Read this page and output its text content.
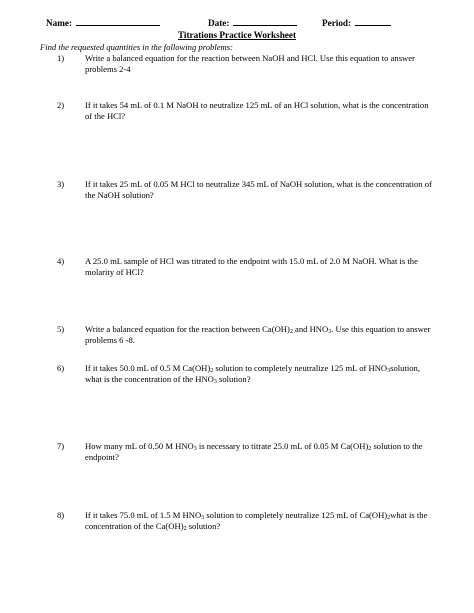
Name:	Date:	Period:
Titrations Practice Worksheet
Find the requested quantities in the following problems:
1) Write a balanced equation for the reaction between NaOH and HCl. Use this equation to answer problems 2-4
2) If it takes 54 mL of 0.1 M NaOH to neutralize 125 mL of an HCl solution, what is the concentration of the HCl?
3) If it takes 25 mL of 0.05 M HCl to neutralize 345 mL of NaOH solution, what is the concentration of the NaOH solution?
4) A 25.0 mL sample of HCl was titrated to the endpoint with 15.0 mL of 2.0 M NaOH. What is the molarity of HCl?
5) Write a balanced equation for the reaction between $Ca(OH)_2$ and $HNO_3$. Use this equation to answer problems 6 -8.
6) If it takes 50.0 mL of 0.5 M $Ca(OH)_2$ solution to completely neutralize 125 mL of $HNO_3solution$, what is the concentration of the $HNO_3$ solution?
7) How many mL of 0.50 M $HNO_3$ is necessary to titrate 25.0 mL of 0.05 M $Ca(OH)_2$ solution to the endpoint?
8) If it takes 75.0 mL of 1.5 M $HNO_3$ solution to completely neutralize 125 mL of $Ca(OH)_2what$ is the concentration of the $Ca(OH)_2$ solution?
